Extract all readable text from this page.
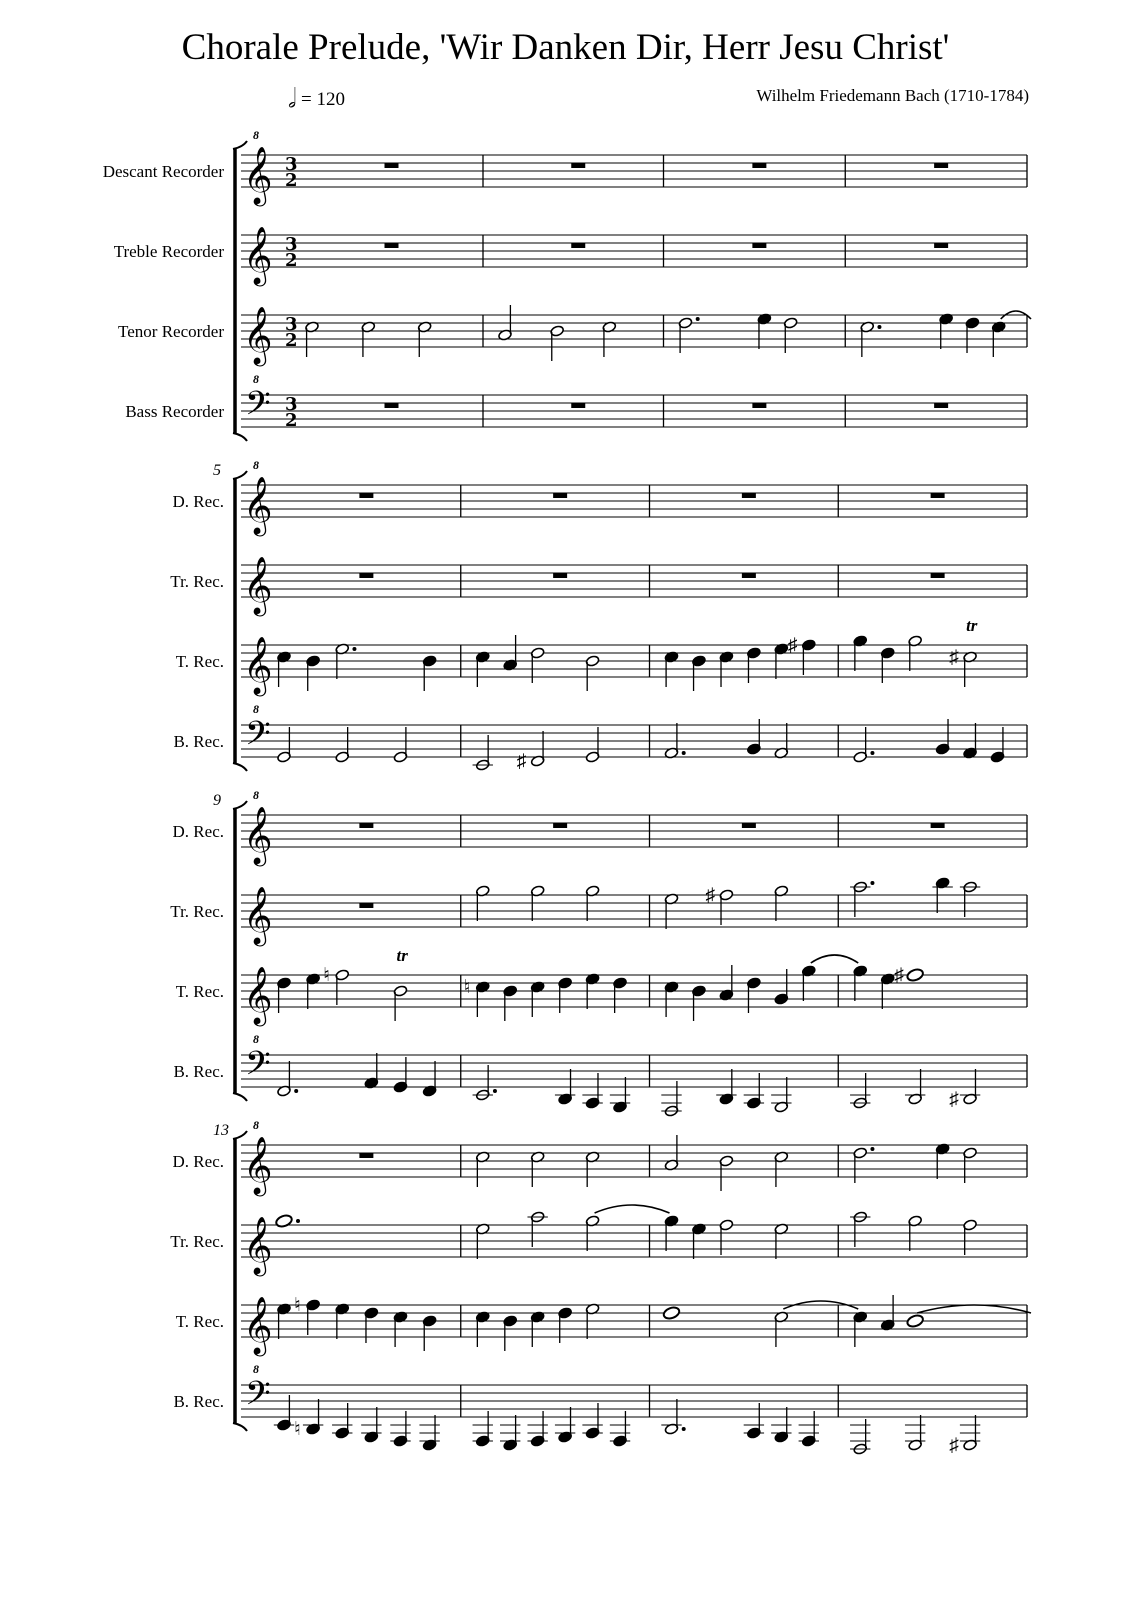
Chorale Prelude, 'Wir Danken Dir, Herr Jesu Christ'
𝅗𝅥 = 120	Wilhelm Friedemann Bach (1710-1784)
Descant Recorder 𝄞
8
3
2
Treble Recorder 𝄞 3
2
Tenor Recorder 𝄞 3
2
Bass Recorder 𝄢
8
3
2
5
D. Rec. 𝄞
8
Tr. Rec. 𝄞
T. Rec. 𝄞	♯
♯
tr
B. Rec. 𝄢
8
♯
9
D. Rec. 𝄞
8
Tr. Rec. 𝄞	♯
T. Rec. 𝄞	♮
tr
♮
♯
B. Rec. 𝄢
8
♯
13
D. Rec. 𝄞
8
Tr. Rec. 𝄞
T. Rec. 𝄞 ♮
B. Rec. 𝄢
8
♮
♯
